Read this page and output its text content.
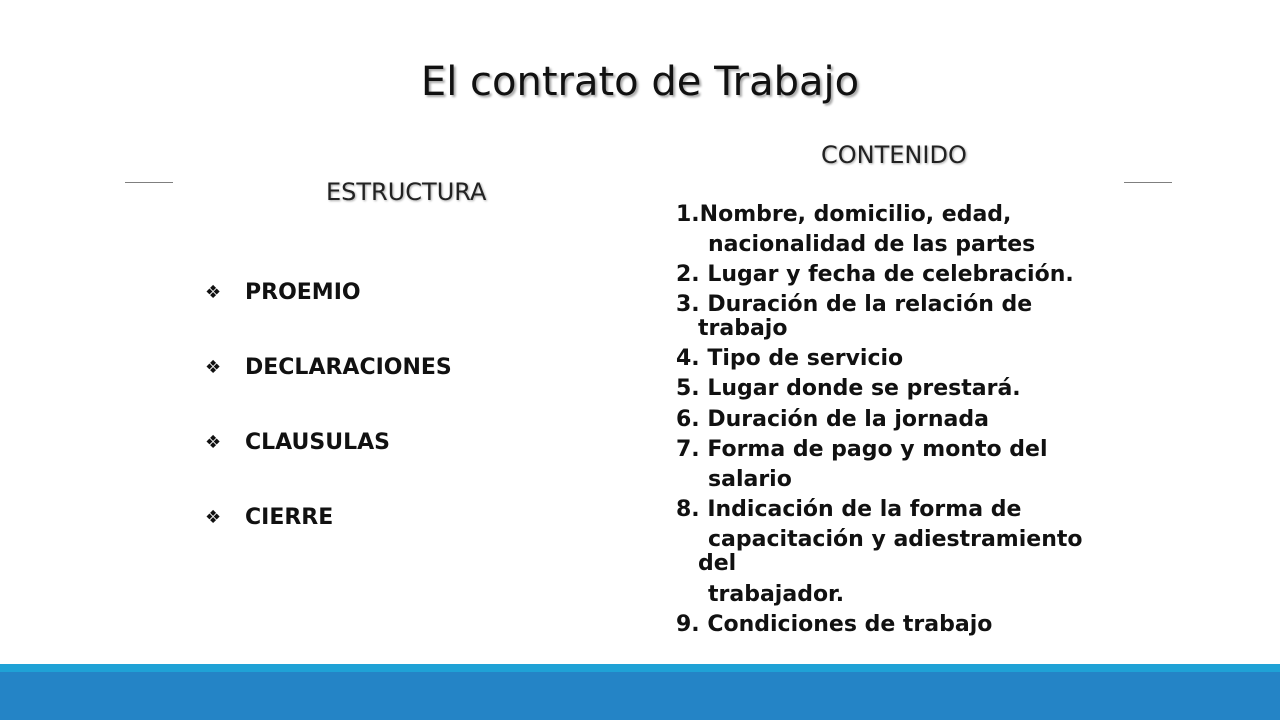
El contrato de Trabajo
ESTRUCTURA
CONTENIDO
❖	PROEMIO
❖	DECLARACIONES
❖	CLAUSULAS
❖	CIERRE
1.Nombre, domicilio, edad,
nacionalidad de las partes
2. Lugar y fecha de celebración.
3. Duración de la relación de
trabajo
4. Tipo de servicio
5. Lugar donde se prestará.
6. Duración de la jornada
7. Forma de pago y monto del
salario
8. Indicación de la forma de
capacitación y adiestramiento
del
trabajador.
9. Condiciones de trabajo
